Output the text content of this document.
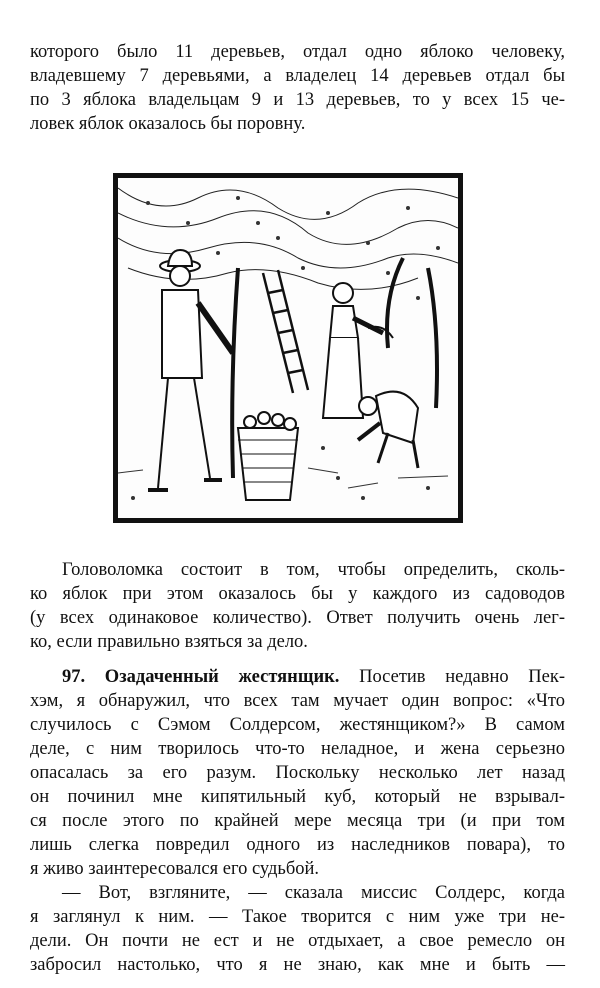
которого было 11 деревьев, отдал одно яблоко человеку,
владевшему 7 деревьями, а владелец 14 деревьев отдал бы
по 3 яблока владельцам 9 и 13 деревьев, то у всех 15 че-
ловек яблок оказалось бы поровну.
Головоломка состоит в том, чтобы определить, сколь-
ко яблок при этом оказалось бы у каждого из садоводов
(у всех одинаковое количество). Ответ получить очень лег-
ко, если правильно взяться за дело.
97. Озадаченный жестянщик. Посетив недавно Пек-
хэм, я обнаружил, что всех там мучает один вопрос: «Что
случилось с Сэмом Солдерсом, жестянщиком?» В самом
деле, с ним творилось что-то неладное, и жена серьезно
опасалась за его разум. Поскольку несколько лет назад
он починил мне кипятильный куб, который не взрывал-
ся после этого по крайней мере месяца три (и при том
лишь слегка повредил одного из наследников повара), то
я живо заинтересовался его судьбой.
— Вот, взгляните, — сказала миссис Солдерс, когда
я заглянул к ним. — Такое творится с ним уже три не-
дели. Он почти не ест и не отдыхает, а свое ремесло он
забросил настолько, что я не знаю, как мне и быть —
